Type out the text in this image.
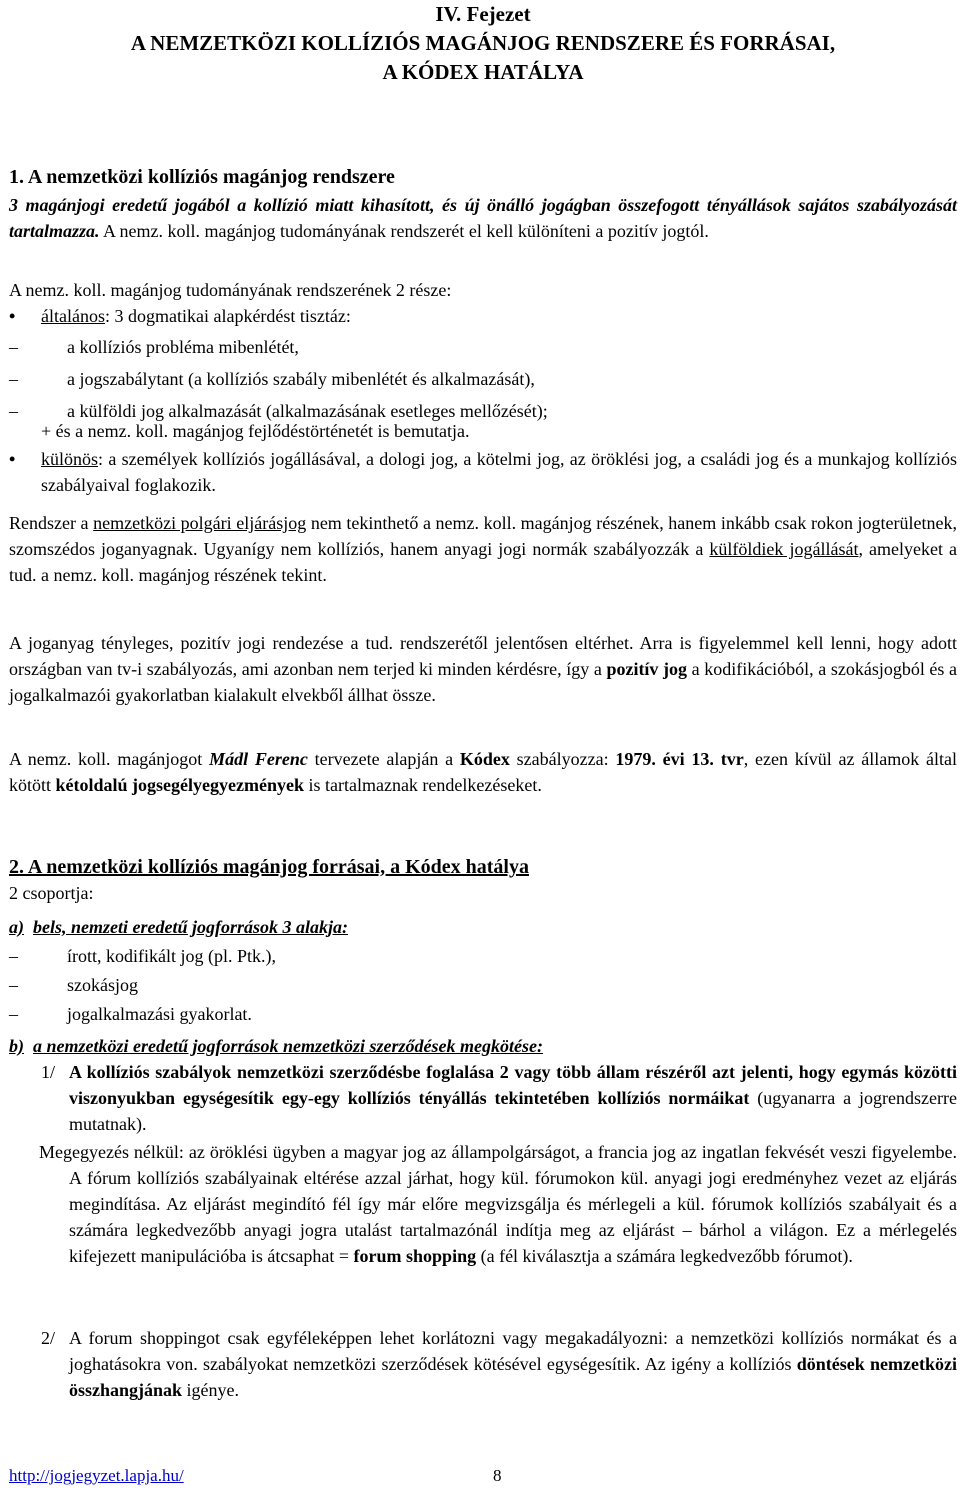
IV. Fejezet
A NEMZETKÖZI KOLLÍZIÓS MAGÁNJOG RENDSZERE ÉS FORRÁSAI,
A KÓDEX HATÁLYA
1. A nemzetközi kollíziós magánjog rendszere
3 magánjogi eredetű jogából a kollízió miatt kihasított, és új önálló jogágban összefogott tényállások sajátos szabályozását tartalmazza. A nemz. koll. magánjog tudományának rendszerét el kell különíteni a pozitív jogtól.
A nemz. koll. magánjog tudományának rendszerének 2 része:
•	általános: 3 dogmatikai alapkérdést tisztáz:
–	a kollíziós probléma mibenlétét,
–	a jogszabálytant (a kollíziós szabály mibenlétét és alkalmazását),
–	a külföldi jog alkalmazását (alkalmazásának esetleges mellőzését);
+ és a nemz. koll. magánjog fejlődéstörténetét is bemutatja.
•	különös: a személyek kollíziós jogállásával, a dologi jog, a kötelmi jog, az öröklési jog, a családi jog és a munkajog kollíziós szabályaival foglakozik.
Rendszer a nemzetközi polgári eljárásjog nem tekinthető a nemz. koll. magánjog részének, hanem inkább csak rokon jogterületnek, szomszédos joganyagnak. Ugyanígy nem kollíziós, hanem anyagi jogi normák szabályozzák a külföldiek jogállását, amelyeket a tud. a nemz. koll. magánjog részének tekint.
A joganyag tényleges, pozitív jogi rendezése a tud. rendszerétől jelentősen eltérhet. Arra is figyelemmel kell lenni, hogy adott országban van tv-i szabályozás, ami azonban nem terjed ki minden kérdésre, így a pozitív jog a kodifikációból, a szokásjogból és a jogalkalmazói gyakorlatban kialakult elvekből állhat össze.
A nemz. koll. magánjogot Mádl Ferenc tervezete alapján a Kódex szabályozza: 1979. évi 13. tvr, ezen kívül az államok által kötött kétoldalú jogsegélyegyezmények is tartalmaznak rendelkezéseket.
2. A nemzetközi kollíziós magánjog forrásai, a Kódex hatálya
2 csoportja:
a) bels, nemzeti eredetű jogforrások 3 alakja:
–	írott, kodifikált jog (pl. Ptk.),
–	szokásjog
–	jogalkalmazási gyakorlat.
b) a nemzetközi eredetű jogforrások nemzetközi szerződések megkötése:
1/ A kollíziós szabályok nemzetközi szerződésbe foglalása 2 vagy több állam részéről azt jelenti, hogy egymás közötti viszonyukban egységesítik egy-egy kollíziós tényállás tekintetében kollíziós normáikat (ugyanarra a jogrendszerre mutatnak).
Megegyezés nélkül: az öröklési ügyben a magyar jog az állampolgárságot, a francia jog az ingatlan fekvését veszi figyelembe. A fórum kollíziós szabályainak eltérése azzal járhat, hogy kül. fórumokon kül. anyagi jogi eredményhez vezet az eljárás megindítása. Az eljárást megindító fél így már előre megvizsgálja és mérlegeli a kül. fórumok kollíziós szabályait és a számára legkedvezőbb anyagi jogra utalást tartalmazónál indítja meg az eljárást – bárhol a világon. Ez a mérlegelés kifejezett manipulációba is átcsaphat = forum shopping (a fél kiválasztja a számára legkedvezőbb fórumot).
2/ A forum shoppingot csak egyféleképpen lehet korlátozni vagy megakadályozni: a nemzetközi kollíziós normákat és a joghatásokra von. szabályokat nemzetközi szerződések kötésével egységesítik. Az igény a kollíziós döntések nemzetközi összhangjának igénye.
http://jogjegyzet.lapja.hu/	8
